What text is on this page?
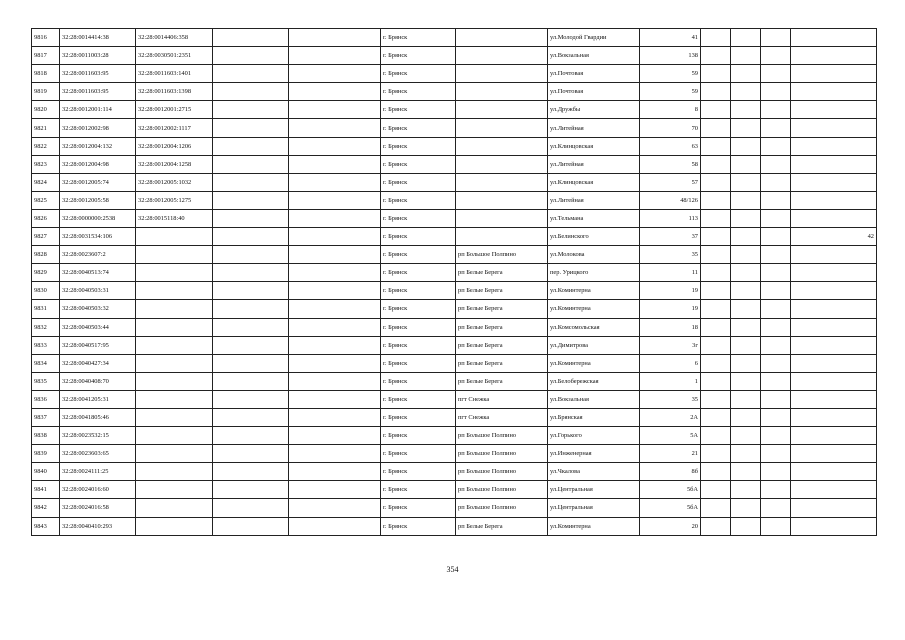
9816	32:28:0014414:38	32:28:0014406:358			г. Брянск		ул.Молодой Гвардии	41				
9817	32:28:0011003:28	32:28:0030501:2351			г. Брянск		ул.Вокзальная	138				
9818	32:28:0011603:95	32:28:0011603:1401			г. Брянск		ул.Почтовая	59				
9819	32:28:0011603:95	32:28:0011603:1398			г. Брянск		ул.Почтовая	59				
9820	32:28:0012001:114	32:28:0012001:2715			г. Брянск		ул.Дружбы	8				
9821	32:28:0012002:98	32:28:0012002:1117			г. Брянск		ул.Литейная	70				
9822	32:28:0012004:132	32:28:0012004:1206			г. Брянск		ул.Клинцовская	63				
9823	32:28:0012004:98	32:28:0012004:1258			г. Брянск		ул.Литейная	58				
9824	32:28:0012005:74	32:28:0012005:1032			г. Брянск		ул.Клинцовская	57				
9825	32:28:0012005:58	32:28:0012005:1275			г. Брянск		ул.Литейная	48/126				
9826	32:28:0000000:2538	32:28:0015118:40			г. Брянск		ул.Тельмана	113				
9827	32:28:0031534:106				г. Брянск		ул.Белинского	37				42
9828	32:28:0023607:2				г. Брянск	рп Большое Полпино	ул.Молокова	35				
9829	32:28:0040513:74				г. Брянск	рп Белые Берега	пер. Урицкого	11				
9830	32:28:0040503:31				г. Брянск	рп Белые Берега	ул.Коминтерна	19				
9831	32:28:0040503:32				г. Брянск	рп Белые Берега	ул.Коминтерна	19				
9832	32:28:0040503:44				г. Брянск	рп Белые Берега	ул.Комсомольская	18				
9833	32:28:0040517:95				г. Брянск	рп Белые Берега	ул.Димитрова	3г				
9834	32:28:0040427:34				г. Брянск	рп Белые Берега	ул.Коминтерна	6				
9835	32:28:0040408:70				г. Брянск	рп Белые Берега	ул.Белобережская	1				
9836	32:28:0041205:31				г. Брянск	пгт Снежка	ул.Вокзальная	35				
9837	32:28:0041805:46				г. Брянск	пгт Снежка	ул.Брянская	2А				
9838	32:28:0023532:15				г. Брянск	рп Большое Полпино	ул.Горького	5А				
9839	32:28:0023603:65				г. Брянск	рп Большое Полпино	ул.Инженерная	21				
9840	32:28:0024111:25				г. Брянск	рп Большое Полпино	ул.Чкалова	8б				
9841	32:28:0024016:60				г. Брянск	рп Большое Полпино	ул.Центральная	5бА				
9842	32:28:0024016:58				г. Брянск	рп Большое Полпино	ул.Центральная	5бА				
9843	32:28:0040410:293				г. Брянск	рп Белые Берега	ул.Коминтерна	20				
354
